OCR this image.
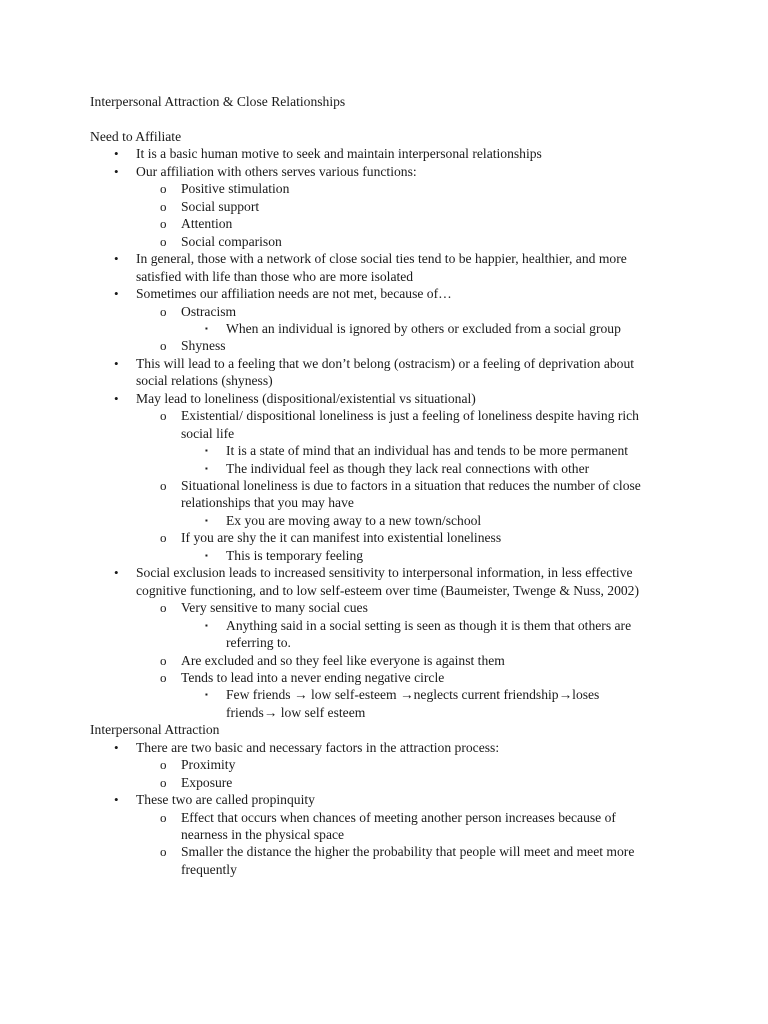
Interpersonal Attraction & Close Relationships
Need to Affiliate
• It is a basic human motive to seek and maintain interpersonal relationships
• Our affiliation with others serves various functions:
o Positive stimulation
o Social support
o Attention
o Social comparison
• In general, those with a network of close social ties tend to be happier, healthier, and more
satisfied with life than those who are more isolated
• Sometimes our affiliation needs are not met, because of…
o Ostracism
▪ When an individual is ignored by others or excluded from a social group
o Shyness
• This will lead to a feeling that we don’t belong (ostracism) or a feeling of deprivation about
social relations (shyness)
• May lead to loneliness (dispositional/existential vs situational)
o Existential/ dispositional loneliness is just a feeling of loneliness despite having rich
social life
▪ It is a state of mind that an individual has and tends to be more permanent
▪ The individual feel as though they lack real connections with other
o Situational loneliness is due to factors in a situation that reduces the number of close
relationships that you may have
▪ Ex you are moving away to a new town/school
o If you are shy the it can manifest into existential loneliness
▪ This is temporary feeling
• Social exclusion leads to increased sensitivity to interpersonal information, in less effective
cognitive functioning, and to low self-esteem over time (Baumeister, Twenge & Nuss, 2002)
o Very sensitive to many social cues
▪ Anything said in a social setting is seen as though it is them that others are
referring to.
o Are excluded and so they feel like everyone is against them
o Tends to lead into a never ending negative circle
▪ Few friends → low self-esteem →neglects current friendship→loses
friends→ low self esteem
Interpersonal Attraction
• There are two basic and necessary factors in the attraction process:
o Proximity
o Exposure
• These two are called propinquity
o Effect that occurs when chances of meeting another person increases because of
nearness in the physical space
o Smaller the distance the higher the probability that people will meet and meet more
frequently
